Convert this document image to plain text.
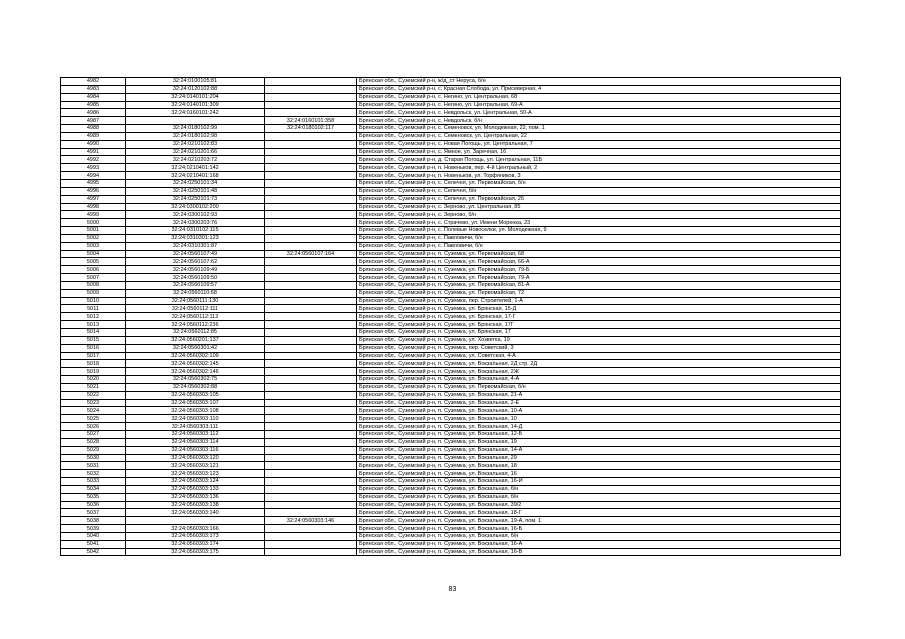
4982	32:24:0100105:81		Брянская обл., Суземский р-н, ж/д_ст Неруса, б/н
4983	32:24:0120102:88		Брянская обл., Суземский р-н, с. Красная Слобода, ул. Присеверная, 4
4984	32:24:0140101:204		Брянская обл., Суземский р-н, с. Негино, ул. Центральная, 68
4985	32:24:0140101:309		Брянская обл., Суземский р-н, с. Негино, ул. Центральная, 69-А
4986	32:24:0160101:242		Брянская обл., Суземский р-н, с. Невдольск, ул. Центральная, 50-А
4987		32:24:0160101:358	Брянская обл., Суземский р-н, с. Невдольск, б/н
4988	32:24:0180102:99	32:24:0180102:117	Брянская обл., Суземский р-н, с. Семеновск, ул. Молодежная, 22, пом. 1
4989	32:24:0180102:98		Брянская обл., Суземский р-н, с. Семеновск, ул. Центральная, 22
4990	32:24:0210102:83		Брянская обл., Суземский р-н, с. Новая Погощь, ул. Центральная, 7
4991	32:24:0210201:66		Брянская обл., Суземский р-н, с. Ямное, ул. Заречная, 16
4992	32:24:0210203:72		Брянская обл., Суземский р-н, д. Старая Погощь, ул. Центральная, 11Б
4993	32:24:0210401:142		Брянская обл., Суземский р-н, п. Новеньков, пер. 4-й Центральный, 2
4994	32:24:0210401:168		Брянская обл., Суземский р-н, п. Новеньков, ул. Торфяников, 3
4995	32:24:0250101:34		Брянская обл., Суземский р-н, с. Селечня, ул. Первомайская, б/н
4996	32:24:0250101:48		Брянская обл., Суземский р-н, с. Селечня, б/н
4997	32:24:0250101:73		Брянская обл., Суземский р-н, с. Селечня, ул. Первомайская, 26
4998	32:24:0300102:200		Брянская обл., Суземский р-н, с. Зерново, ул. Центральная, 85
4999	32:24:0300102:93		Брянская обл., Суземский р-н, с. Зерново, б/н
5000	32:24:0300203:76		Брянская обл., Суземский р-н, с. Страчево, ул. Имени Моренка, 23
5001	32:24:0310102:115		Брянская обл., Суземский р-н, с. Полевые Новоселки, ул. Молодежная, 9
5002	32:24:0310301:123		Брянская обл., Суземский р-н, с. Павловичи, б/н
5003	32:24:0310301:87		Брянская обл., Суземский р-н, с. Павловичи, б/н
5004	32:24:0560107:49	32:24:0560107:164	Брянская обл., Суземский р-н, п. Суземка, ул. Первомайская, 68
5005	32:24:0560107:62		Брянская обл., Суземский р-н, п. Суземка, ул. Первомайская, 66-А
5006	32:24:0560109:49		Брянская обл., Суземский р-н, п. Суземка, ул. Первомайская, 79-Б
5007	32:24:0560109:50		Брянская обл., Суземский р-н, п. Суземка, ул. Первомайская, 79-А
5008	32:24:0560109:57		Брянская обл., Суземский р-н, п. Суземка, ул. Первомайская, 81-А
5009	32:24:0560110:68		Брянская обл., Суземский р-н, п. Суземка, ул. Первомайская, 72
5010	32:24:0560111:130		Брянская обл., Суземский р-н, п. Суземка, пер. Строителей, 1-А
5011	32:24:0560112:111		Брянская обл., Суземский р-н, п. Суземка, ул. Брянская, 15-Д
5012	32:24:0560112:112		Брянская обл., Суземский р-н, п. Суземка, ул. Брянская, 17-Г
5013	32:24:0560112:236		Брянская обл., Суземский р-н, п. Суземка, ул. Брянская, 17Г
5014	32:24:0560112:85		Брянская обл., Суземский р-н, п. Суземка, ул. Брянская, 17
5015	32:24:0560201:137		Брянская обл., Суземский р-н, п. Суземка, ул. Хозветка, 19
5016	32:24:0560301:42		Брянская обл., Суземский р-н, п. Суземка, пер. Советский, 3
5017	32:24:0560302:109		Брянская обл., Суземский р-н, п. Суземка, ул. Советская, 4-А
5018	32:24:0560302:145		Брянская обл., Суземский р-н, п. Суземка, ул. Вокзальная, 2Д стр. 2Д
5019	32:24:0560302:146		Брянская обл., Суземский р-н, п. Суземка, ул. Вокзальная, 2Ж
5020	32:24:0560302:75		Брянская обл., Суземский р-н, п. Суземка, ул. Вокзальная, 4-А
5021	32:24:0560302:88		Брянская обл., Суземский р-н, п. Суземка, ул. Первомайская, б/н
5022	32:24:0560303:105		Брянская обл., Суземский р-н, п. Суземка, ул. Вокзальная, 21-А
5023	32:24:0560303:107		Брянская обл., Суземский р-н, п. Суземка, ул. Вокзальная, 2-Е
5024	32:24:0560303:108		Брянская обл., Суземский р-н, п. Суземка, ул. Вокзальная, 10-А
5025	32:24:0560303:110		Брянская обл., Суземский р-н, п. Суземка, ул. Вокзальная, 10
5026	32:24:0560303:111		Брянская обл., Суземский р-н, п. Суземка, ул. Вокзальная, 14-Д
5027	32:24:0560303:112		Брянская обл., Суземский р-н, п. Суземка, ул. Вокзальная, 12-Б
5028	32:24:0560303:114		Брянская обл., Суземский р-н, п. Суземка, ул. Вокзальная, 19
5029	32:24:0560303:116		Брянская обл., Суземский р-н, п. Суземка, ул. Вокзальная, 14-А
5030	32:24:0560303:120		Брянская обл., Суземский р-н, п. Суземка, ул. Вокзальная, 29
5031	32:24:0560303:121		Брянская обл., Суземский р-н, п. Суземка, ул. Вокзальная, 18
5032	32:24:0560303:123		Брянская обл., Суземский р-н, п. Суземка, ул. Вокзальная, 16
5033	32:24:0560303:124		Брянская обл., Суземский р-н, п. Суземка, ул. Вокзальная, 16-И
5034	32:24:0560303:133		Брянская обл., Суземский р-н, п. Суземка, ул. Вокзальная, б/н
5035	32:24:0560303:136		Брянская обл., Суземский р-н, п. Суземка, ул. Вокзальная, б/н
5036	32:24:0560303:138		Брянская обл., Суземский р-н, п. Суземка, ул. Вокзальная, 39/2
5037	32:24:0560303:140		Брянская обл., Суземский р-н, п. Суземка, ул. Вокзальная, 18-Г
5038		32:24:0560303:146	Брянская обл., Суземский р-н, п. Суземка, ул. Вокзальная, 19-А, пом. 1
5039	32:24:0560303:166		Брянская обл., Суземский р-н, п. Суземка, ул. Вокзальная, 16-Б
5040	32:24:0560303:173		Брянская обл., Суземский р-н, п. Суземка, ул. Вокзальная, б/н
5041	32:24:0560303:174		Брянская обл., Суземский р-н, п. Суземка, ул. Вокзальная, 16-А
5042	32:24:0560303:175		Брянская обл., Суземский р-н, п. Суземка, ул. Вокзальная, 16-В
83
